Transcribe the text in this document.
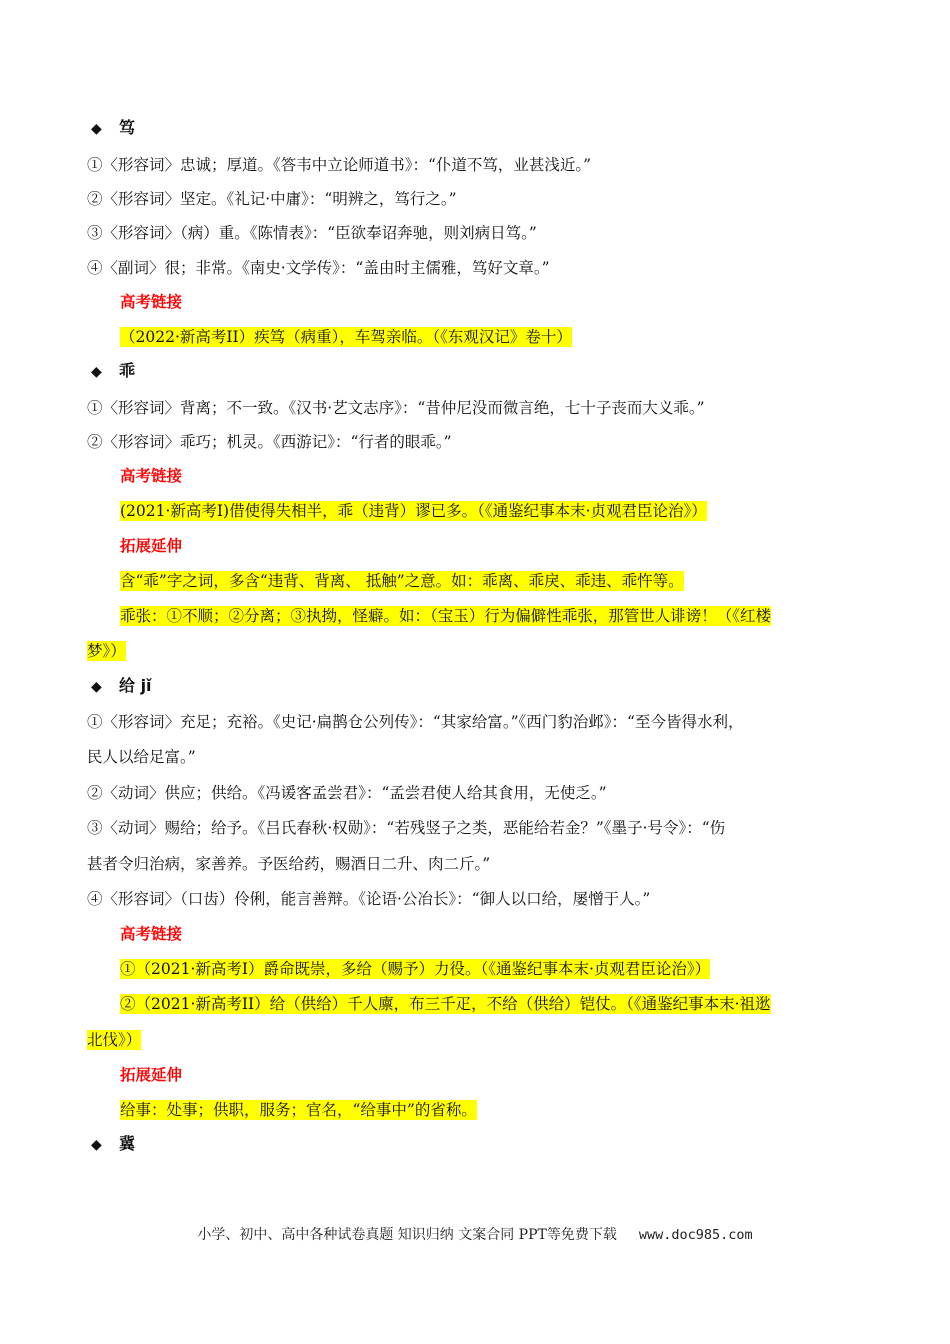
◆ 笃
①〈形容词〉忠诚；厚道。《答韦中立论师道书》：“仆道不笃，业甚浅近。”
②〈形容词〉坚定。《礼记·中庸》：“明辨之，笃行之。”
③〈形容词〉（病）重。《陈情表》：“臣欲奉诏奔驰，则刘病日笃。”
④〈副词〉很；非常。《南史·文学传》：“盖由时主儒雅，笃好文章。”
高考链接
（2022·新高考II）疾笃（病重），车驾亲临。（《东观汉记》卷十）
◆ 乖
①〈形容词〉背离；不一致。《汉书·艺文志序》：“昔仲尼没而微言绝，七十子丧而大义乖。”
②〈形容词〉乖巧；机灵。《西游记》：“行者的眼乖。”
高考链接
(2021·新高考I)借使得失相半，乖（违背）谬已多。（《通鉴纪事本末·贞观君臣论治》）
拓展延伸
含“乖”字之词，多含“违背、背离、 抵触”之意。如：乖离、乖戾、乖违、乖忤等。
乖张：①不顺；②分离；③执拗，怪癖。如：（宝玉）行为偏僻性乖张，那管世人诽谤！（《红楼
梦》）
◆ 给 jǐ
①〈形容词〉充足；充裕。《史记·扁鹊仓公列传》：“其家给富。”《西门豹治邺》：“至今皆得水利，
民人以给足富。”
②〈动词〉供应；供给。《冯谖客孟尝君》：“孟尝君使人给其食用，无使乏。”
③〈动词〉赐给；给予。《吕氏春秋·权勋》：“若残竖子之类，恶能给若金？”《墨子·号令》：“伤
甚者令归治病，家善养。予医给药，赐酒日二升、肉二斤。”
④〈形容词〉（口齿）伶俐，能言善辩。《论语·公冶长》：“御人以口给，屡憎于人。”
高考链接
①（2021·新高考I）爵命既崇，多给（赐予）力役。（《通鉴纪事本末·贞观君臣论治》）
②（2021·新高考II）给（供给）千人廪，布三千疋，不给（供给）铠仗。（《通鉴纪事本末·祖逖
北伐》）
拓展延伸
给事：处事；供职，服务；官名，“给事中”的省称。
◆ 冀
小学、初中、高中各种试卷真题 知识归纳 文案合同 PPT等免费下载 www.doc985.com
